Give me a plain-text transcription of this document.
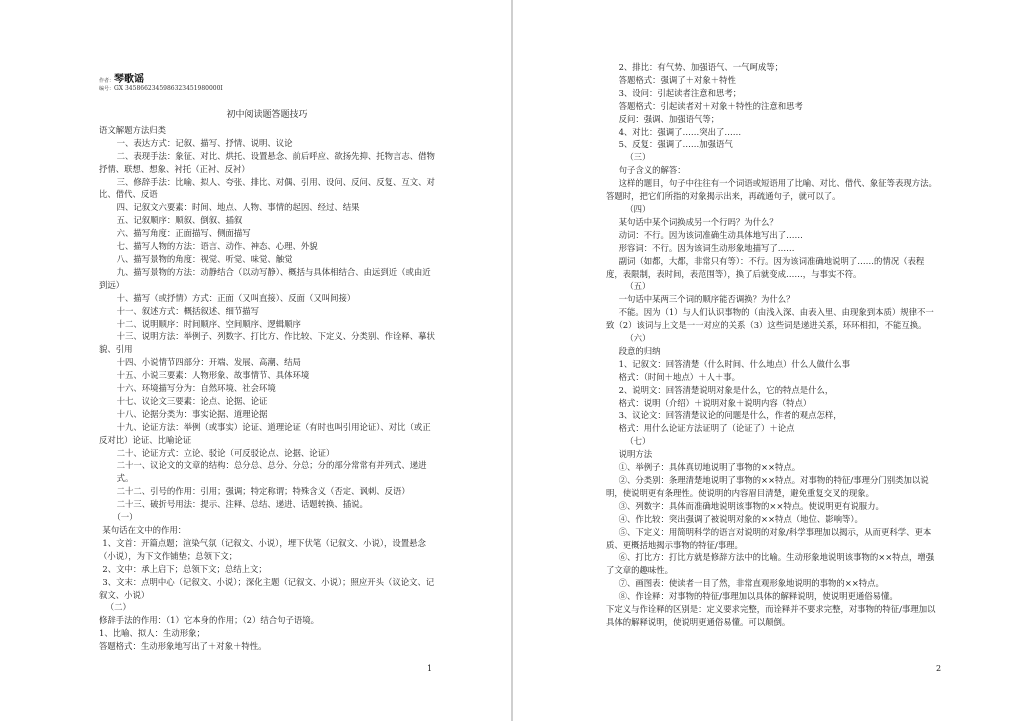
作者：琴歌谣
编号：GX 3458662345986323451980000I
初中阅读题答题技巧
语文解题方法归类
一、表达方式：记叙、描写、抒情、说明、议论
二、表现手法：象征、对比、烘托、设置悬念、前后呼应、欲扬先抑、托物言志、借物抒情、联想、想象、衬托（正衬、反衬）
三、修辞手法：比喻、拟人、夸张、排比、对偶、引用、设问、反问、反复、互文、对比、借代、反语
四、记叙文六要素：时间、地点、人物、事情的起因、经过、结果
五、记叙顺序：顺叙、倒叙、插叙
六、描写角度：正面描写、侧面描写
七、描写人物的方法：语言、动作、神态、心理、外貌
八、描写景物的角度：视觉、听觉、味觉、触觉
九、描写景物的方法：动静结合（以动写静）、概括与具体相结合、由远到近（或由近到远）
十、描写（或抒情）方式：正面（又叫直接）、反面（又叫间接）
十一、叙述方式：概括叙述、细节描写
十二、说明顺序：时间顺序、空间顺序、逻辑顺序
十三、说明方法：举例子、列数字、打比方、作比较、下定义、分类别、作诠释、摹状貌、引用
十四、小说情节四部分：开端、发展、高潮、结局
十五、小说三要素：人物形象、故事情节、具体环境
十六、环境描写分为：自然环境、社会环境
十七、议论文三要素：论点、论据、论证
十八、论据分类为：事实论据、道理论据
十九、论证方法：举例（或事实）论证、道理论证（有时也叫引用论证）、对比（或正反对比）论证、比喻论证
二十、论证方式：立论、驳论（可反驳论点、论据、论证）
二十一、议论文的文章的结构：总分总、总分、分总；分的部分常常有并列式、递进式。
二十二、引号的作用：引用；强调；特定称谓；特殊含义（否定、讽刺、反语）
二十三、破折号用法：提示、注释、总结、递进、话题转换、插说。
（一）
某句话在文中的作用：
1、文首：开篇点题；渲染气氛（记叙文、小说），埋下伏笔（记叙文、小说），设置悬念（小说），为下文作铺垫；总领下文；
2、文中：承上启下；总领下文；总结上文；
3、文末：点明中心（记叙文、小说）；深化主题（记叙文、小说）；照应开头（议论文、记叙文、小说）
（二）
修辞手法的作用：（1）它本身的作用；（2）结合句子语境。
1、比喻、拟人：生动形象；
答题格式：生动形象地写出了＋对象＋特性。
1
2、排比：有气势、加强语气、一气呵成等；
答题格式：强调了＋对象＋特性
3、设问：引起读者注意和思考；
答题格式：引起读者对＋对象＋特性的注意和思考
反问：强调、加强语气等；
4、对比：强调了……突出了……
5、反复：强调了……加强语气
（三）
句子含义的解答：
这样的题目，句子中往往有一个词语或短语用了比喻、对比、借代、象征等表现方法。答题时，把它们所指的对象揭示出来，再疏通句子，就可以了。
（四）
某句话中某个词换成另一个行吗？为什么？
动词：不行。因为该词准确生动具体地写出了……
形容词：不行。因为该词生动形象地描写了……
副词（如都，大都，非常只有等）：不行。因为该词准确地说明了……的情况（表程度，表限制，表时间，表范围等），换了后就变成……，与事实不符。
（五）
一句话中某两三个词的顺序能否调换？为什么？
不能。因为（1）与人们认识事物的（由浅入深、由表入里、由现象到本质）规律不一致（2）该词与上文是一一对应的关系（3）这些词是递进关系，环环相扣，不能互换。
（六）
段意的归纳
1、记叙文：回答清楚（什么时间、什么地点）什么人做什么事
格式：（时间＋地点）＋人＋事。
2、说明文：回答清楚说明对象是什么，它的特点是什么，
格式：说明（介绍）＋说明对象＋说明内容（特点）
3、议论文：回答清楚议论的问题是什么，作者的观点怎样，
格式：用什么论证方法证明了（论证了）＋论点
（七）
说明方法
①、举例子：具体真切地说明了事物的××特点。
②、分类别：条理清楚地说明了事物的××特点。对事物的特征/事理分门别类加以说明，使说明更有条理性。使说明的内容眉目清楚，避免重复交叉的现象。
③、列数字：具体而准确地说明该事物的××特点。使说明更有说服力。
④、作比较：突出强调了被说明对象的××特点（地位、影响等）。
⑤、下定义：用简明科学的语言对说明的对象/科学事理加以揭示，从而更科学、更本质、更概括地揭示事物的特征/事理。
⑥、打比方：打比方就是修辞方法中的比喻。生动形象地说明该事物的××特点，增强了文章的趣味性。
⑦、画图表：使读者一目了然，非常直观形象地说明的事物的××特点。
⑧、作诠释：对事物的特征/事理加以具体的解释说明，使说明更通俗易懂。
下定义与作诠释的区别是：定义要求完整，而诠释并不要求完整，对事物的特征/事理加以具体的解释说明，使说明更通俗易懂。可以颠倒。
2
